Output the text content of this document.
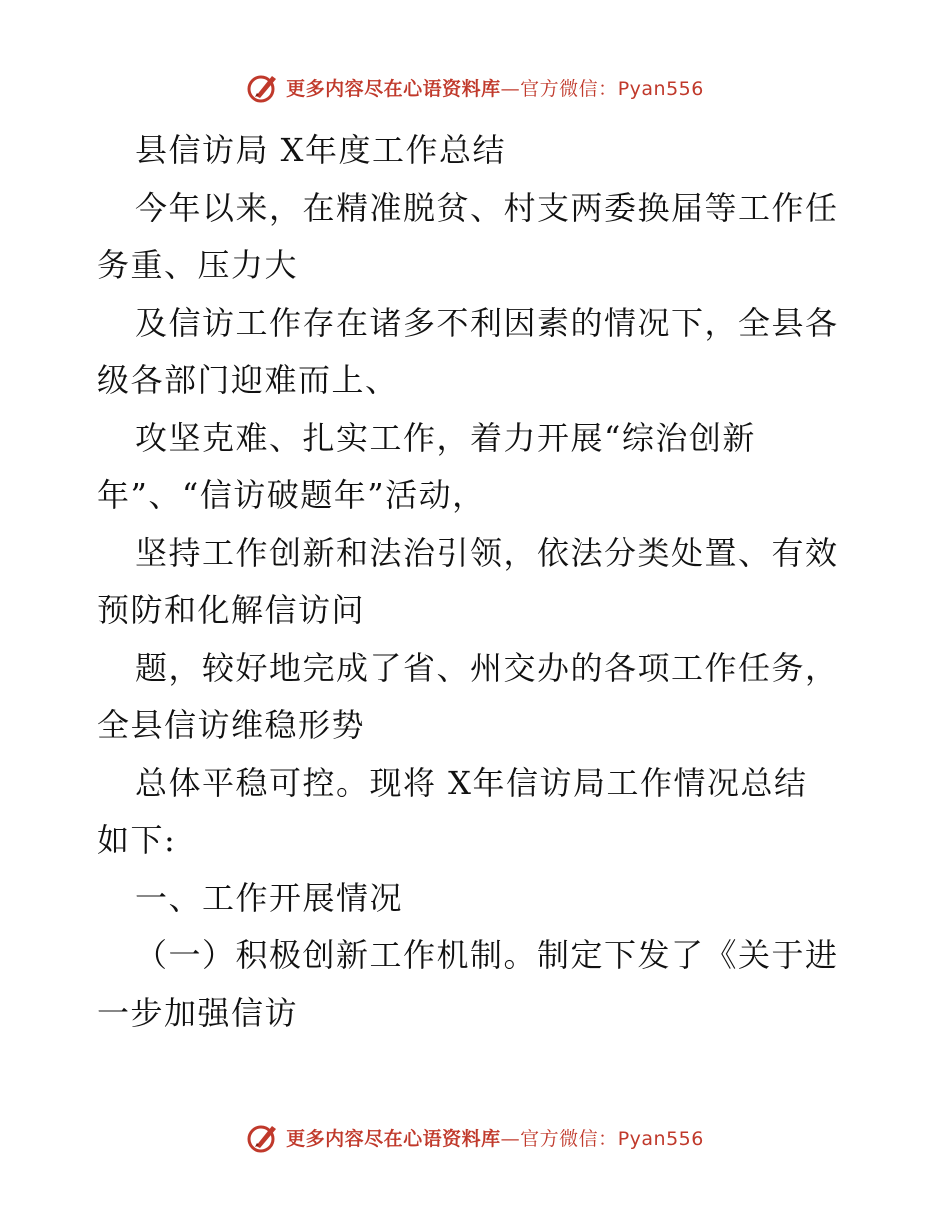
更多内容尽在心语资料库—官方微信：Pyan556
县信访局 X年度工作总结
今年以来，在精准脱贫、村支两委换届等工作任
务重、压力大
及信访工作存在诸多不利因素的情况下，全县各
级各部门迎难而上、
攻坚克难、扎实工作，着力开展“综治创新
年”、“信访破题年”活动，
坚持工作创新和法治引领，依法分类处置、有效
预防和化解信访问
题，较好地完成了省、州交办的各项工作任务，
全县信访维稳形势
总体平稳可控。现将 X年信访局工作情况总结
如下:
一、工作开展情况
（一）积极创新工作机制。制定下发了《关于进
一步加强信访
更多内容尽在心语资料库—官方微信：Pyan556
